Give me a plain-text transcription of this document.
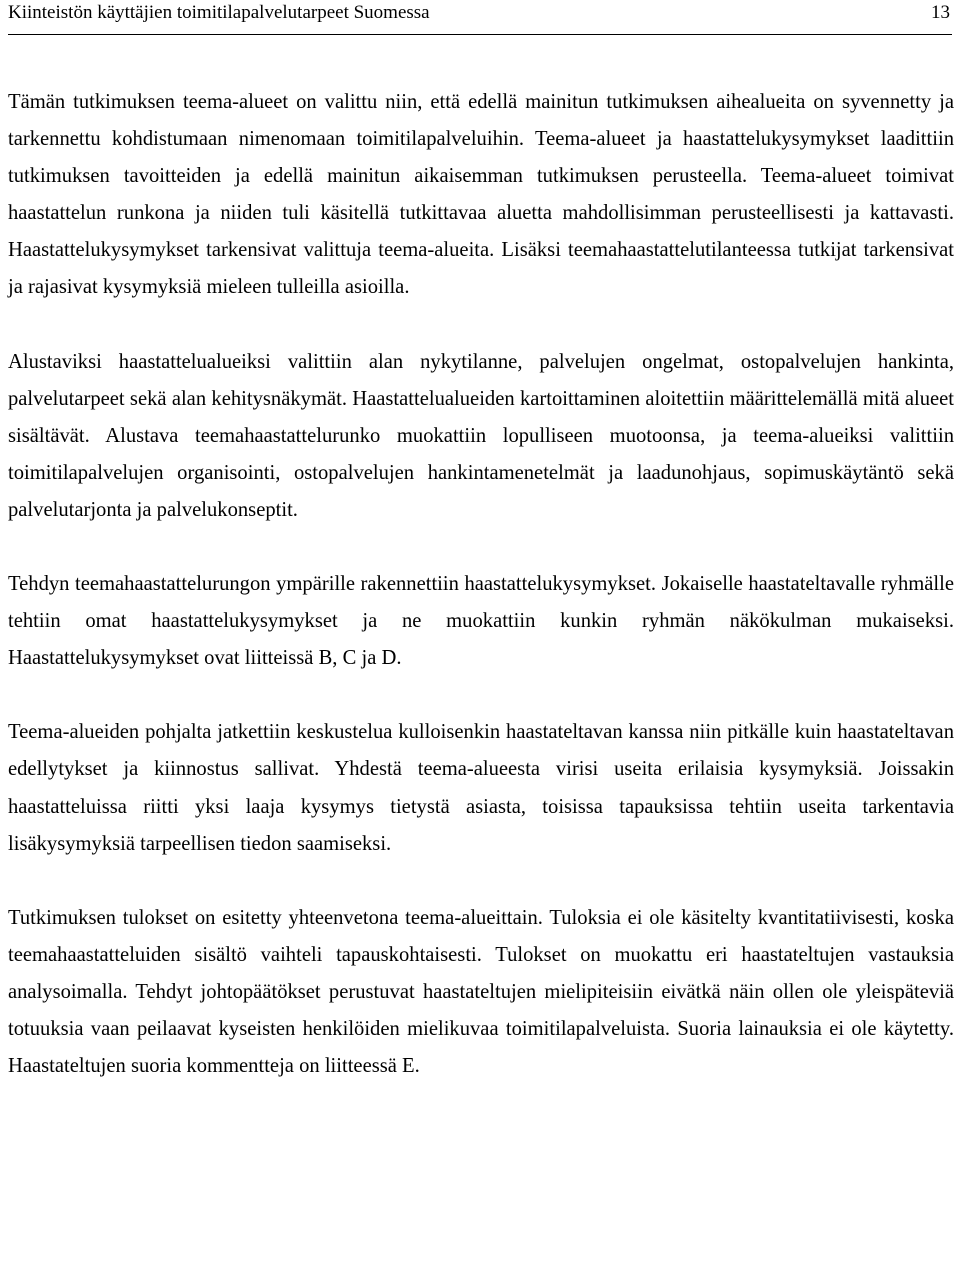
Kiinteistön käyttäjien toimitilapalvelutarpeet Suomessa	13

Tämän tutkimuksen teema-alueet on valittu niin, että edellä mainitun tutkimuksen aihealueita on syvennetty ja tarkennettu kohdistumaan nimenomaan toimitilapalveluihin. Teema-alueet ja haastattelukysymykset laadittiin tutkimuksen tavoitteiden ja edellä mainitun aikaisemman tutkimuksen perusteella. Teema-alueet toimivat haastattelun runkona ja niiden tuli käsitellä tutkittavaa aluetta mahdollisimman perusteellisesti ja kattavasti. Haastattelukysymykset tarkensivat valittuja teema-alueita. Lisäksi teemahaastattelutilanteessa tutkijat tarkensivat ja rajasivat kysymyksiä mieleen tulleilla asioilla.

Alustaviksi haastattelualueiksi valittiin alan nykytilanne, palvelujen ongelmat, ostopalvelujen hankinta, palvelutarpeet sekä alan kehitysnäkymät. Haastattelualueiden kartoittaminen aloitettiin määrittelemällä mitä alueet sisältävät. Alustava teemahaastattelurunko muokattiin lopulliseen muotoonsa, ja teema-alueiksi valittiin toimitilapalvelujen organisointi, ostopalvelujen hankintamenetelmät ja laadunohjaus, sopimuskäytäntö sekä palvelutarjonta ja palvelukonseptit.

Tehdyn teemahaastattelurungon ympärille rakennettiin haastattelukysymykset. Jokaiselle haastateltavalle ryhmälle tehtiin omat haastattelukysymykset ja ne muokattiin kunkin ryhmän näkökulman mukaiseksi. Haastattelukysymykset ovat liitteissä B, C ja D.

Teema-alueiden pohjalta jatkettiin keskustelua kulloisenkin haastateltavan kanssa niin pitkälle kuin haastateltavan edellytykset ja kiinnostus sallivat. Yhdestä teema-alueesta virisi useita erilaisia kysymyksiä. Joissakin haastatteluissa riitti yksi laaja kysymys tietystä asiasta, toisissa tapauksissa tehtiin useita tarkentavia lisäkysymyksiä tarpeellisen tiedon saamiseksi.

Tutkimuksen tulokset on esitetty yhteenvetona teema-alueittain. Tuloksia ei ole käsitelty kvantitatiivisesti, koska teemahaastatteluiden sisältö vaihteli tapauskohtaisesti. Tulokset on muokattu eri haastateltujen vastauksia analysoimalla. Tehdyt johtopäätökset perustuvat haastateltujen mielipiteisiin eivätkä näin ollen ole yleispäteviä totuuksia vaan peilaavat kyseisten henkilöiden mielikuvaa toimitilapalveluista. Suoria lainauksia ei ole käytetty. Haastateltujen suoria kommentteja on liitteessä E.
